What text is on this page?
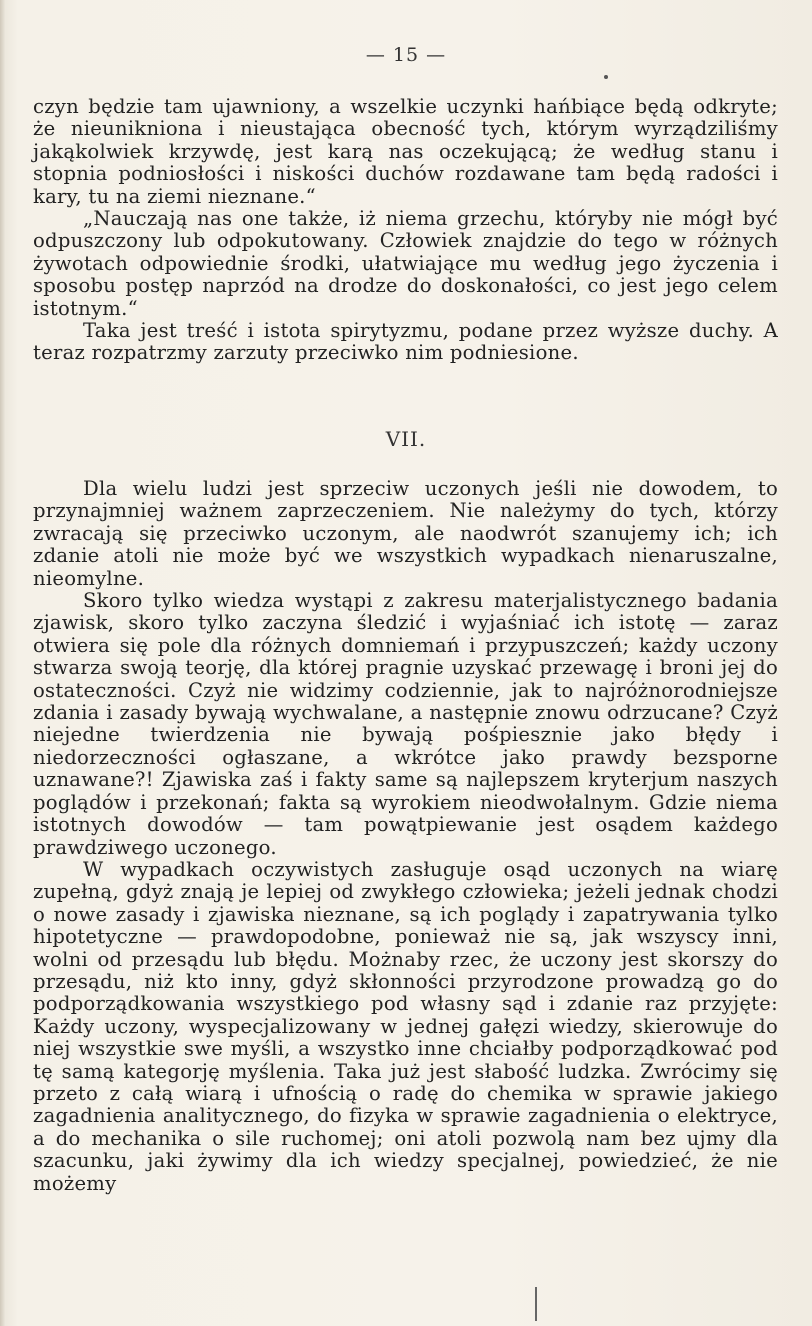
— 15 —

czyn będzie tam ujawniony, a wszelkie uczynki hańbiące będą odkryte; że nieunikniona i nieustająca obecność tych, którym wyrządziliśmy jakąkolwiek krzywdę, jest karą nas oczekującą; że według stanu i stopnia podniosłości i niskości duchów rozdawane tam będą radości i kary, tu na ziemi nieznane.“

„Nauczają nas one także, iż niema grzechu, któryby nie mógł być odpuszczony lub odpokutowany. Człowiek znajdzie do tego w różnych żywotach odpowiednie środki, ułatwiające mu według jego życzenia i sposobu postęp naprzód na drodze do doskonałości, co jest jego celem istotnym.“

Taka jest treść i istota spirytyzmu, podane przez wyższe duchy. A teraz rozpatrzmy zarzuty przeciwko nim podniesione.

VII.

Dla wielu ludzi jest sprzeciw uczonych jeśli nie dowodem, to przynajmniej ważnem zaprzeczeniem. Nie należymy do tych, którzy zwracają się przeciwko uczonym, ale naodwrót szanujemy ich; ich zdanie atoli nie może być we wszystkich wypadkach nienaruszalne, nieomylne.

Skoro tylko wiedza wystąpi z zakresu materjalistycznego badania zjawisk, skoro tylko zaczyna śledzić i wyjaśniać ich istotę — zaraz otwiera się pole dla różnych domniemań i przypuszczeń; każdy uczony stwarza swoją teorję, dla której pragnie uzyskać przewagę i broni jej do ostateczności. Czyż nie widzimy codziennie, jak to najróżnorodniejsze zdania i zasady bywają wychwalane, a następnie znowu odrzucane? Czyż niejedne twierdzenia nie bywają pośpiesznie jako błędy i niedorzeczności ogłaszane, a wkrótce jako prawdy bezsporne uznawane?! Zjawiska zaś i fakty same są najlepszem kryterjum naszych poglądów i przekonań; fakta są wyrokiem nieodwołalnym. Gdzie niema istotnych dowodów — tam powątpiewanie jest osądem każdego prawdziwego uczonego.

W wypadkach oczywistych zasługuje osąd uczonych na wiarę zupełną, gdyż znają je lepiej od zwykłego człowieka; jeżeli jednak chodzi o nowe zasady i zjawiska nieznane, są ich poglądy i zapatrywania tylko hipotetyczne — prawdopodobne, ponieważ nie są, jak wszyscy inni, wolni od przesądu lub błędu. Możnaby rzec, że uczony jest skorszy do przesądu, niż kto inny, gdyż skłonności przyrodzone prowadzą go do podporządkowania wszystkiego pod własny sąd i zdanie raz przyjęte: Każdy uczony, wyspecjalizowany w jednej gałęzi wiedzy, skierowuje do niej wszystkie swe myśli, a wszystko inne chciałby podporządkować pod tę samą kategorję myślenia. Taka już jest słabość ludzka. Zwrócimy się przeto z całą wiarą i ufnością o radę do chemika w sprawie jakiego zagadnienia analitycznego, do fizyka w sprawie zagadnienia o elektryce, a do mechanika o sile ruchomej; oni atoli pozwolą nam bez ujmy dla szacunku, jaki żywimy dla ich wiedzy specjalnej, powiedzieć, że nie możemy
